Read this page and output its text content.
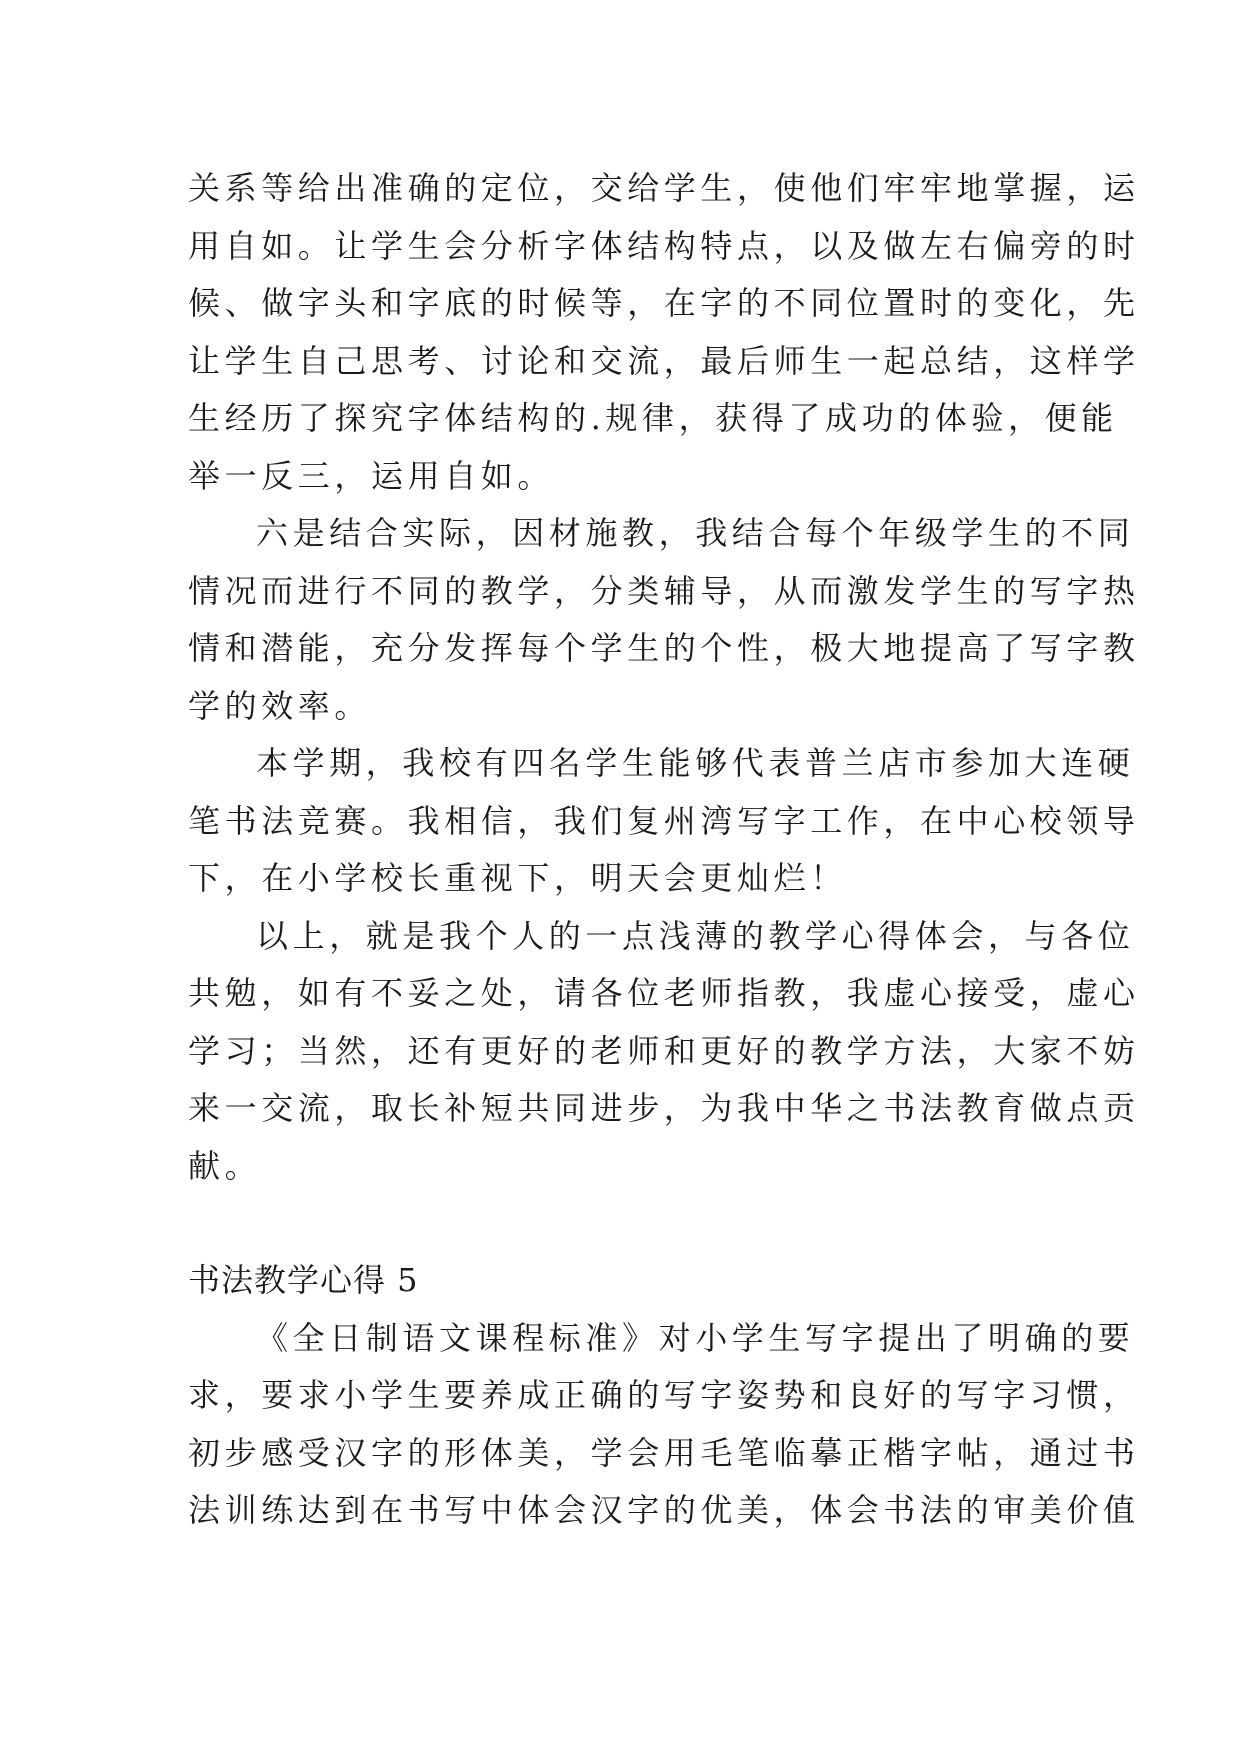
关系等给出准确的定位，交给学生，使他们牢牢地掌握，运
用自如。让学生会分析字体结构特点，以及做左右偏旁的时
候、做字头和字底的时候等，在字的不同位置时的变化，先
让学生自己思考、讨论和交流，最后师生一起总结，这样学
生经历了探究字体结构的.规律，获得了成功的体验，便能
举一反三，运用自如。
六是结合实际，因材施教，我结合每个年级学生的不同
情况而进行不同的教学，分类辅导，从而激发学生的写字热
情和潜能，充分发挥每个学生的个性，极大地提高了写字教
学的效率。
本学期，我校有四名学生能够代表普兰店市参加大连硬
笔书法竞赛。我相信，我们复州湾写字工作，在中心校领导
下，在小学校长重视下，明天会更灿烂！
以上，就是我个人的一点浅薄的教学心得体会，与各位
共勉，如有不妥之处，请各位老师指教，我虚心接受，虚心
学习；当然，还有更好的老师和更好的教学方法，大家不妨
来一交流，取长补短共同进步，为我中华之书法教育做点贡
献。
书法教学心得 5
《全日制语文课程标准》对小学生写字提出了明确的要
求，要求小学生要养成正确的写字姿势和良好的写字习惯，
初步感受汉字的形体美，学会用毛笔临摹正楷字帖，通过书
法训练达到在书写中体会汉字的优美，体会书法的审美价值
